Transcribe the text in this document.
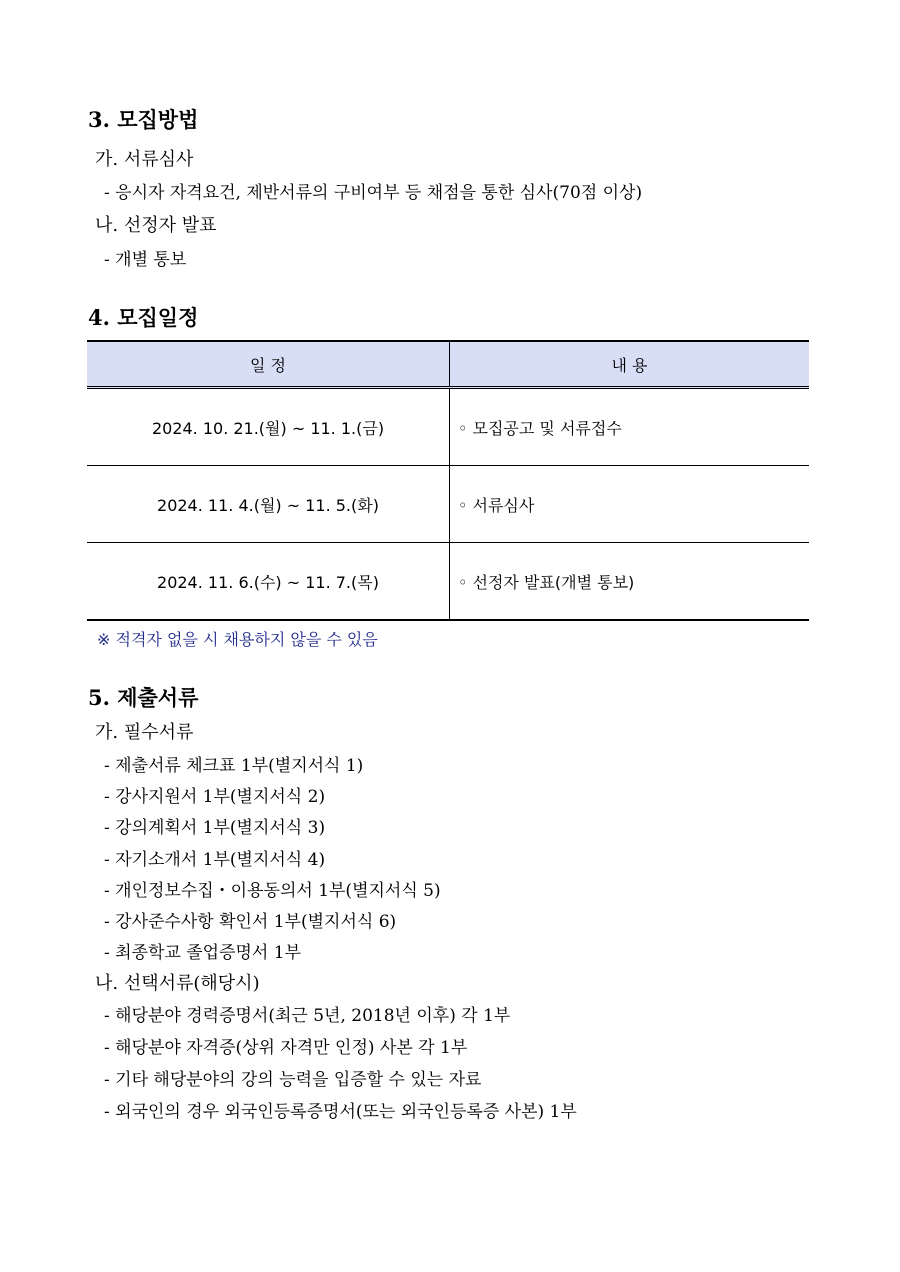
3. 모집방법
가. 서류심사
- 응시자 자격요건, 제반서류의 구비여부 등 채점을 통한 심사(70점 이상)
나. 선정자 발표
- 개별 통보
4. 모집일정
일 정	내 용
2024. 10. 21.(월) ~ 11. 1.(금)	◦ 모집공고 및 서류접수
2024. 11. 4.(월) ~ 11. 5.(화)	◦ 서류심사
2024. 11. 6.(수) ~ 11. 7.(목)	◦ 선정자 발표(개별 통보)
※ 적격자 없을 시 채용하지 않을 수 있음
5. 제출서류
가. 필수서류
- 제출서류 체크표 1부(별지서식 1)
- 강사지원서 1부(별지서식 2)
- 강의계획서 1부(별지서식 3)
- 자기소개서 1부(별지서식 4)
- 개인정보수집・이용동의서 1부(별지서식 5)
- 강사준수사항 확인서 1부(별지서식 6)
- 최종학교 졸업증명서 1부
나. 선택서류(해당시)
- 해당분야 경력증명서(최근 5년, 2018년 이후) 각 1부
- 해당분야 자격증(상위 자격만 인정) 사본 각 1부
- 기타 해당분야의 강의 능력을 입증할 수 있는 자료
- 외국인의 경우 외국인등록증명서(또는 외국인등록증 사본) 1부
